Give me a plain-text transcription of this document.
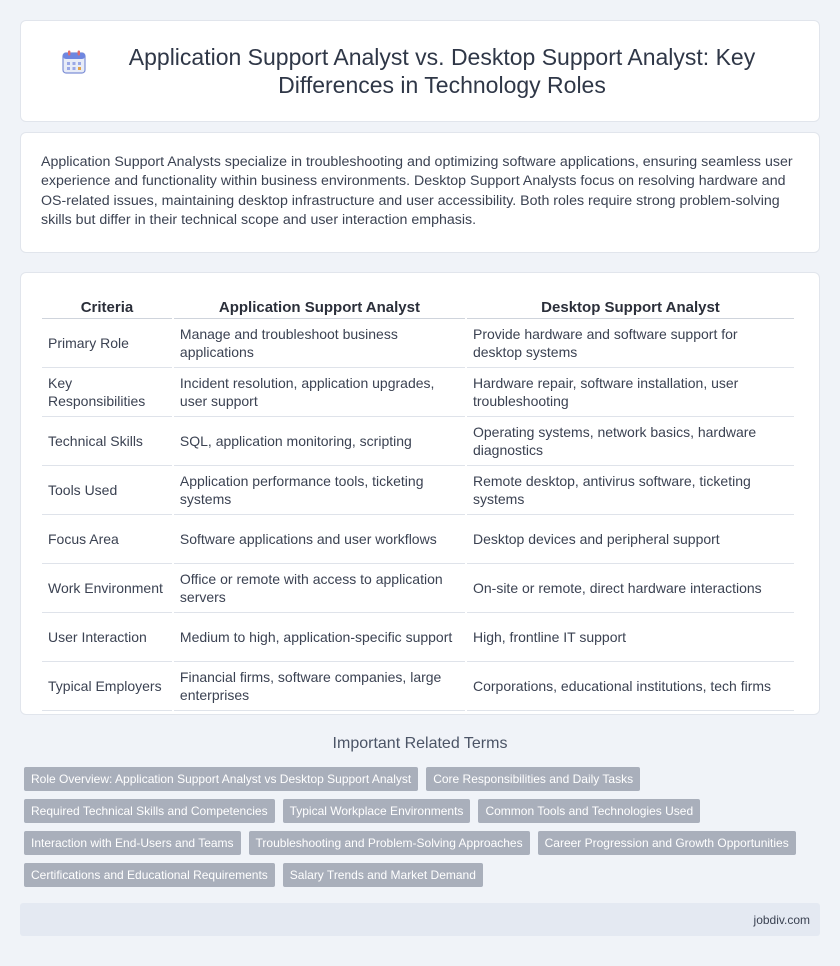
Application Support Analyst vs. Desktop Support Analyst: Key Differences in Technology Roles

Application Support Analysts specialize in troubleshooting and optimizing software applications, ensuring seamless user experience and functionality within business environments. Desktop Support Analysts focus on resolving hardware and OS-related issues, maintaining desktop infrastructure and user accessibility. Both roles require strong problem-solving skills but differ in their technical scope and user interaction emphasis.

Criteria	Application Support Analyst	Desktop Support Analyst
Primary Role	Manage and troubleshoot business applications	Provide hardware and software support for desktop systems
Key Responsibilities	Incident resolution, application upgrades, user support	Hardware repair, software installation, user troubleshooting
Technical Skills	SQL, application monitoring, scripting	Operating systems, network basics, hardware diagnostics
Tools Used	Application performance tools, ticketing systems	Remote desktop, antivirus software, ticketing systems
Focus Area	Software applications and user workflows	Desktop devices and peripheral support
Work Environment	Office or remote with access to application servers	On-site or remote, direct hardware interactions
User Interaction	Medium to high, application-specific support	High, frontline IT support
Typical Employers	Financial firms, software companies, large enterprises	Corporations, educational institutions, tech firms
Important Related Terms
Role Overview: Application Support Analyst vs Desktop Support Analyst	Core Responsibilities and Daily Tasks
Required Technical Skills and Competencies	Typical Workplace Environments	Common Tools and Technologies Used
Interaction with End-Users and Teams	Troubleshooting and Problem-Solving Approaches	Career Progression and Growth Opportunities
Certifications and Educational Requirements	Salary Trends and Market Demand
jobdiv.com
